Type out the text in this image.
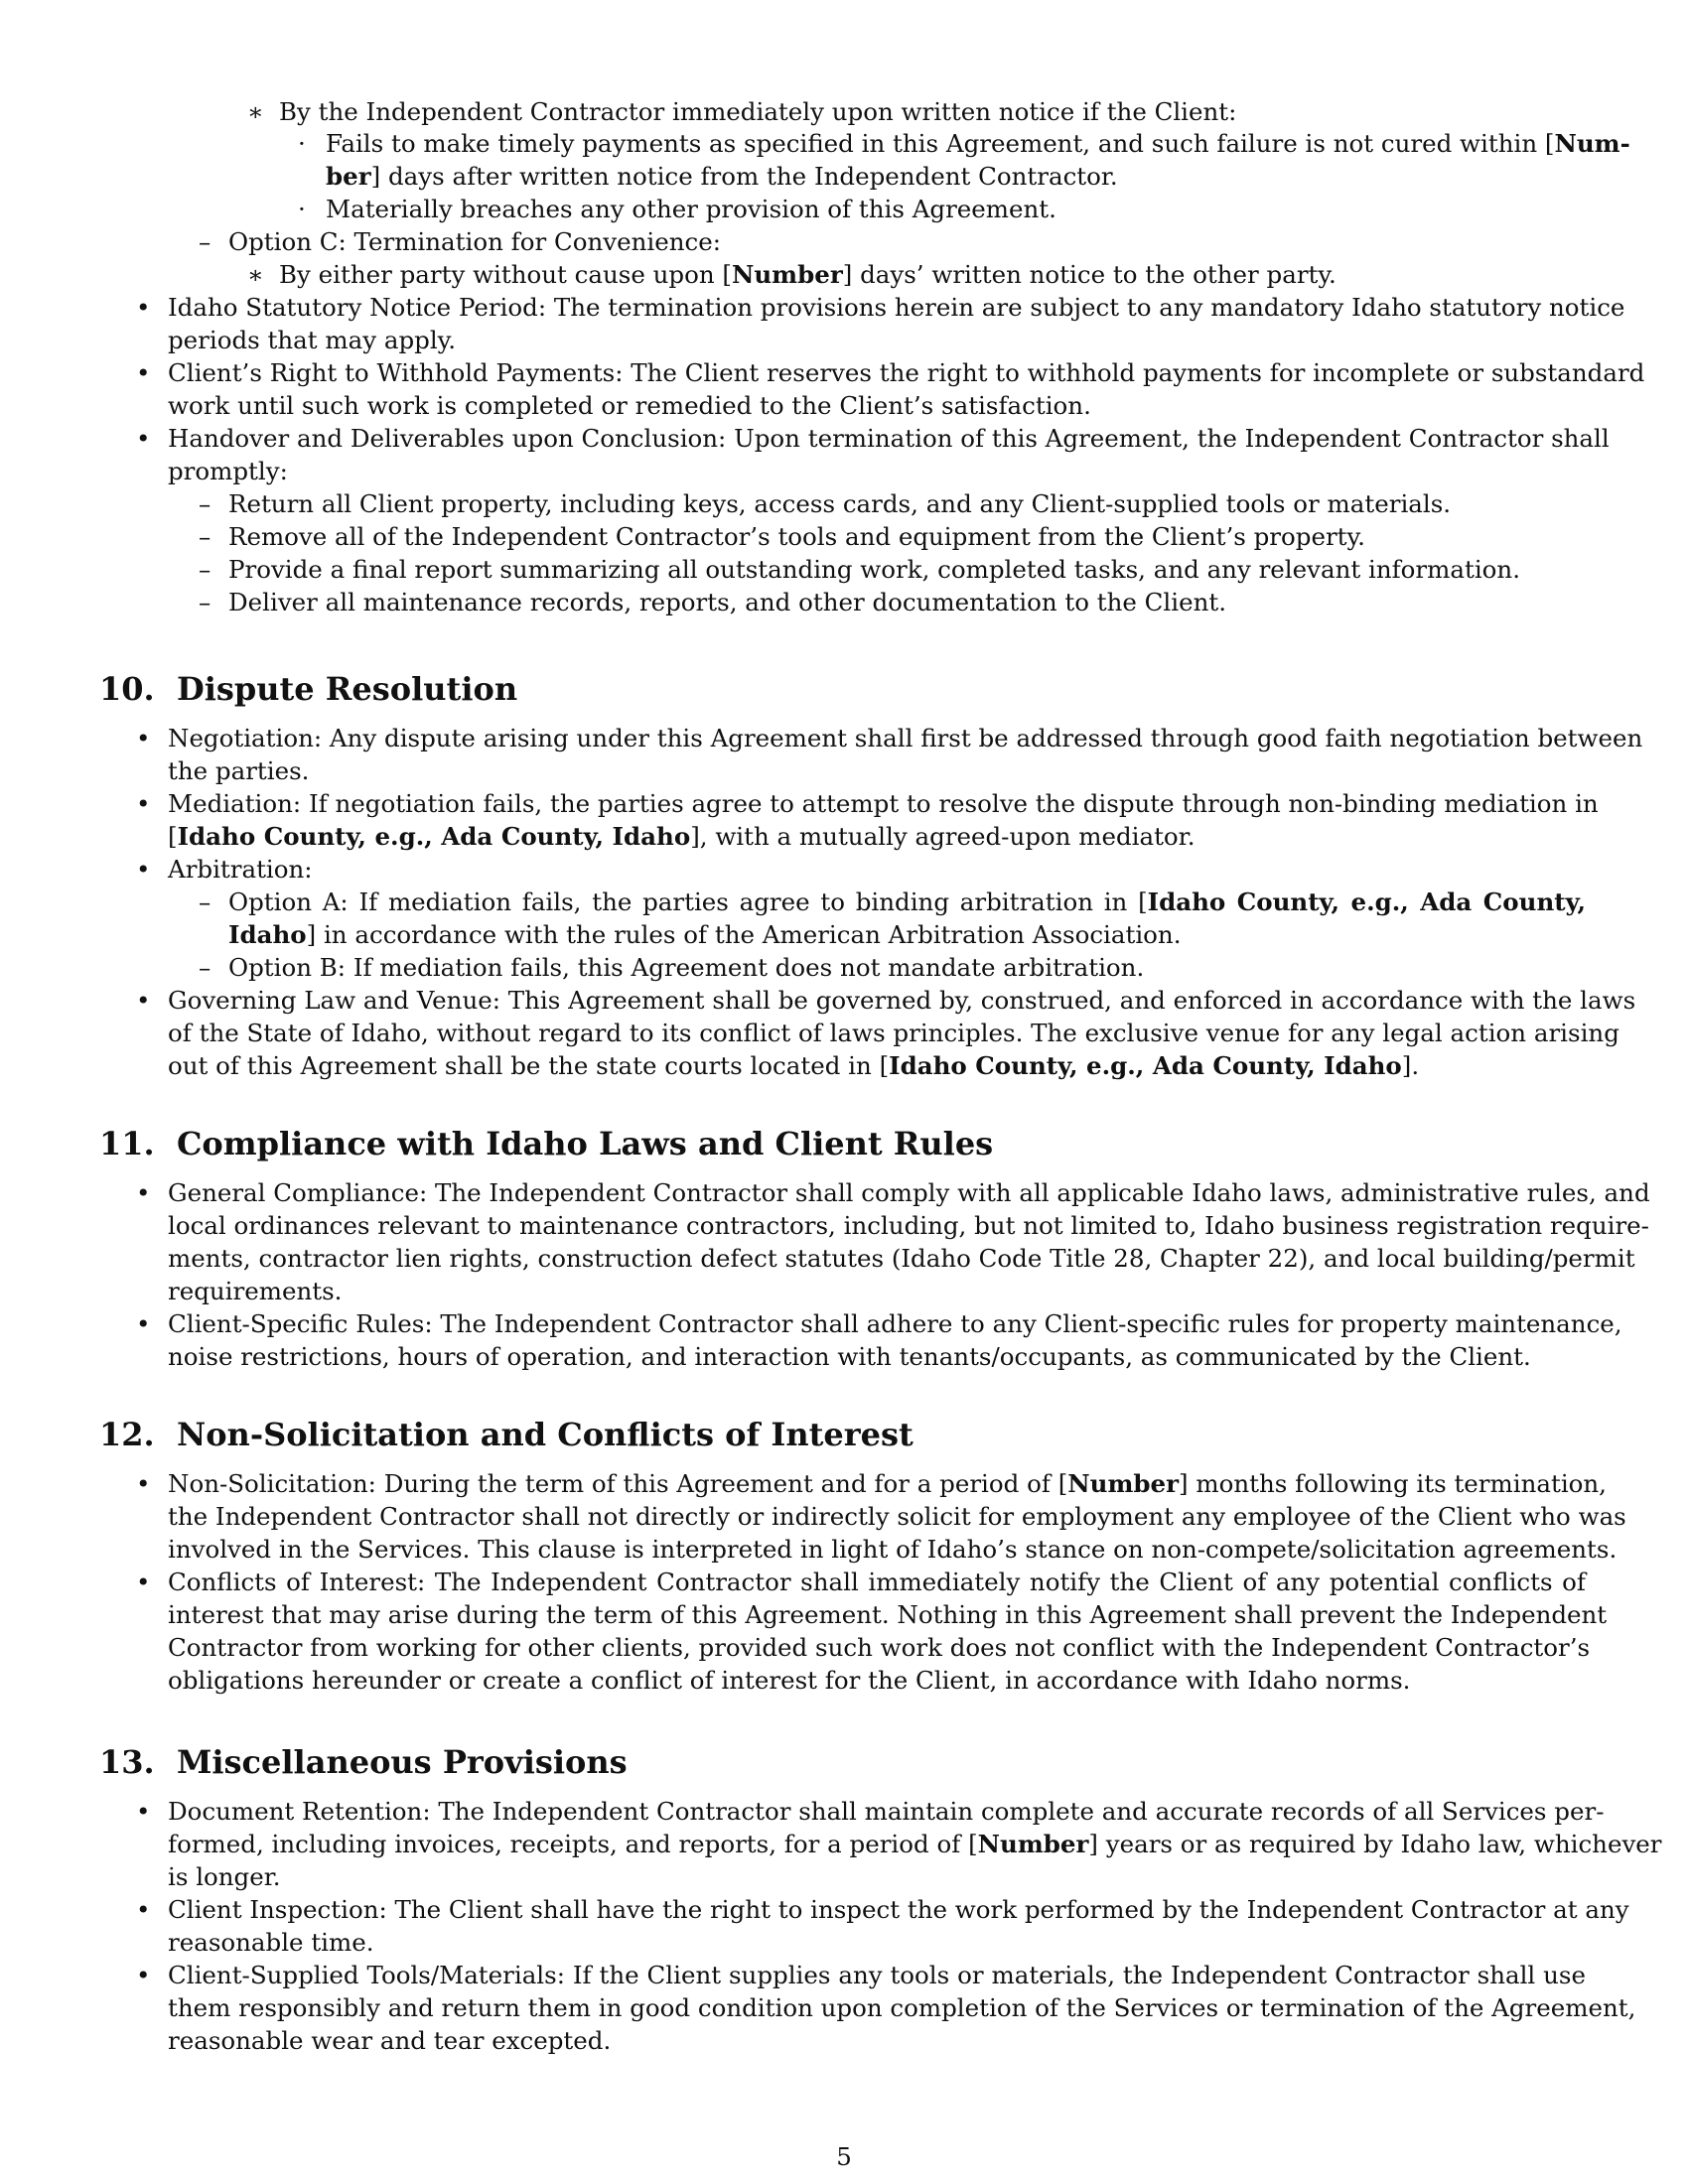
∗ By the Independent Contractor immediately upon written notice if the Client:
· Fails to make timely payments as specified in this Agreement, and such failure is not cured within [Num-
ber] days after written notice from the Independent Contractor.
· Materially breaches any other provision of this Agreement.
– Option C: Termination for Convenience:
∗ By either party without cause upon [Number] days’ written notice to the other party.
• Idaho Statutory Notice Period: The termination provisions herein are subject to any mandatory Idaho statutory notice
periods that may apply.
• Client’s Right to Withhold Payments: The Client reserves the right to withhold payments for incomplete or substandard
work until such work is completed or remedied to the Client’s satisfaction.
• Handover and Deliverables upon Conclusion: Upon termination of this Agreement, the Independent Contractor shall
promptly:
– Return all Client property, including keys, access cards, and any Client-supplied tools or materials.
– Remove all of the Independent Contractor’s tools and equipment from the Client’s property.
– Provide a final report summarizing all outstanding work, completed tasks, and any relevant information.
– Deliver all maintenance records, reports, and other documentation to the Client.
• Negotiation: Any dispute arising under this Agreement shall first be addressed through good faith negotiation between
the parties.
• Mediation: If negotiation fails, the parties agree to attempt to resolve the dispute through non-binding mediation in
[Idaho County, e.g., Ada County, Idaho], with a mutually agreed-upon mediator.
• Arbitration:
– Option A: If mediation fails, the parties agree to binding arbitration in [Idaho County, e.g., Ada County,
Idaho] in accordance with the rules of the American Arbitration Association.
– Option B: If mediation fails, this Agreement does not mandate arbitration.
• Governing Law and Venue: This Agreement shall be governed by, construed, and enforced in accordance with the laws
of the State of Idaho, without regard to its conflict of laws principles. The exclusive venue for any legal action arising
out of this Agreement shall be the state courts located in [Idaho County, e.g., Ada County, Idaho].
• General Compliance: The Independent Contractor shall comply with all applicable Idaho laws, administrative rules, and
local ordinances relevant to maintenance contractors, including, but not limited to, Idaho business registration require-
ments, contractor lien rights, construction defect statutes (Idaho Code Title 28, Chapter 22), and local building/permit
requirements.
• Client-Specific Rules: The Independent Contractor shall adhere to any Client-specific rules for property maintenance,
noise restrictions, hours of operation, and interaction with tenants/occupants, as communicated by the Client.
• Non-Solicitation: During the term of this Agreement and for a period of [Number] months following its termination,
the Independent Contractor shall not directly or indirectly solicit for employment any employee of the Client who was
involved in the Services. This clause is interpreted in light of Idaho’s stance on non-compete/solicitation agreements.
• Conflicts of Interest: The Independent Contractor shall immediately notify the Client of any potential conflicts of
interest that may arise during the term of this Agreement. Nothing in this Agreement shall prevent the Independent
Contractor from working for other clients, provided such work does not conflict with the Independent Contractor’s
obligations hereunder or create a conflict of interest for the Client, in accordance with Idaho norms.
• Document Retention: The Independent Contractor shall maintain complete and accurate records of all Services per-
formed, including invoices, receipts, and reports, for a period of [Number] years or as required by Idaho law, whichever
is longer.
• Client Inspection: The Client shall have the right to inspect the work performed by the Independent Contractor at any
reasonable time.
• Client-Supplied Tools/Materials: If the Client supplies any tools or materials, the Independent Contractor shall use
them responsibly and return them in good condition upon completion of the Services or termination of the Agreement,
reasonable wear and tear excepted.
10. Dispute Resolution
11. Compliance with Idaho Laws and Client Rules
12. Non-Solicitation and Conflicts of Interest
13. Miscellaneous Provisions
5
